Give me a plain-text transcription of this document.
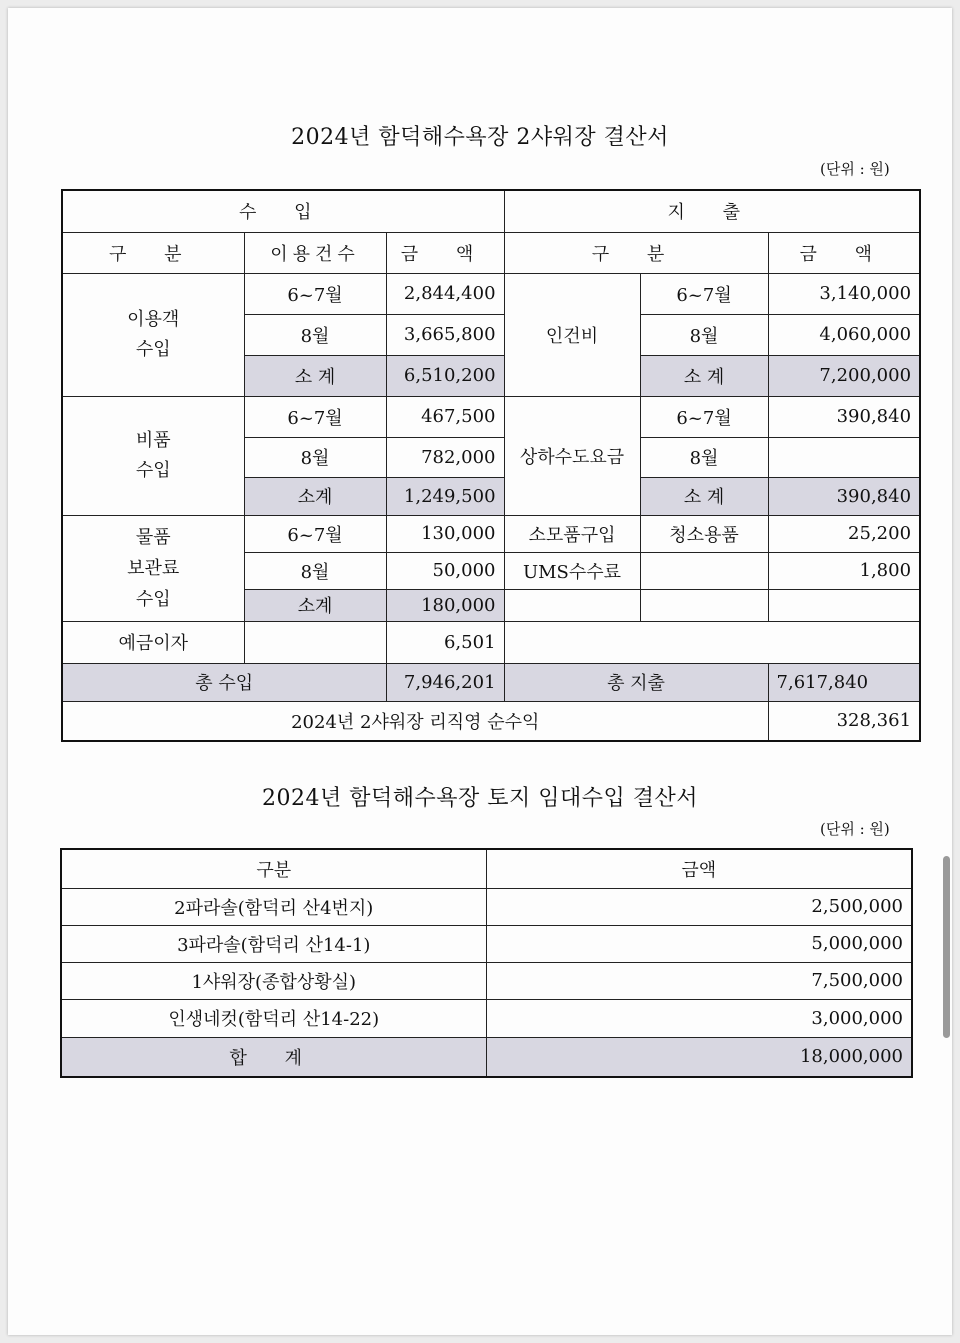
2024년 함덕해수욕장 2샤워장 결산서
(단위 : 원)
수 입			지 출		
구 분	이용건수	금 액	구 분		금 액

이용객
수입	6~7월	2,844,400	인건비	6~7월	3,140,000
	8월	3,665,800		8월	4,060,000
	소 계	6,510,200		소 계	7,200,000

비품
수입	6~7월	467,500	상하수도요금	6~7월	390,840
	8월	782,000		8월	
	소계	1,249,500		소 계	390,840

물품
보관료
수입	6~7월	130,000	소모품구입	청소용품	25,200
	8월	50,000	UMS수수료		1,800
	소계	180,000			
예금이자		6,501			
총 수입		7,946,201	총 지출		7,617,840
2024년 2샤워장 리직영 순수익					328,361
2024년 함덕해수욕장 토지 임대수입 결산서
(단위 : 원)
구분	금액
2파라솔(함덕리 산4번지)	2,500,000
3파라솔(함덕리 산14-1)	5,000,000
1샤워장(종합상황실)	7,500,000
인생네컷(함덕리 산14-22)	3,000,000
합 계	18,000,000
